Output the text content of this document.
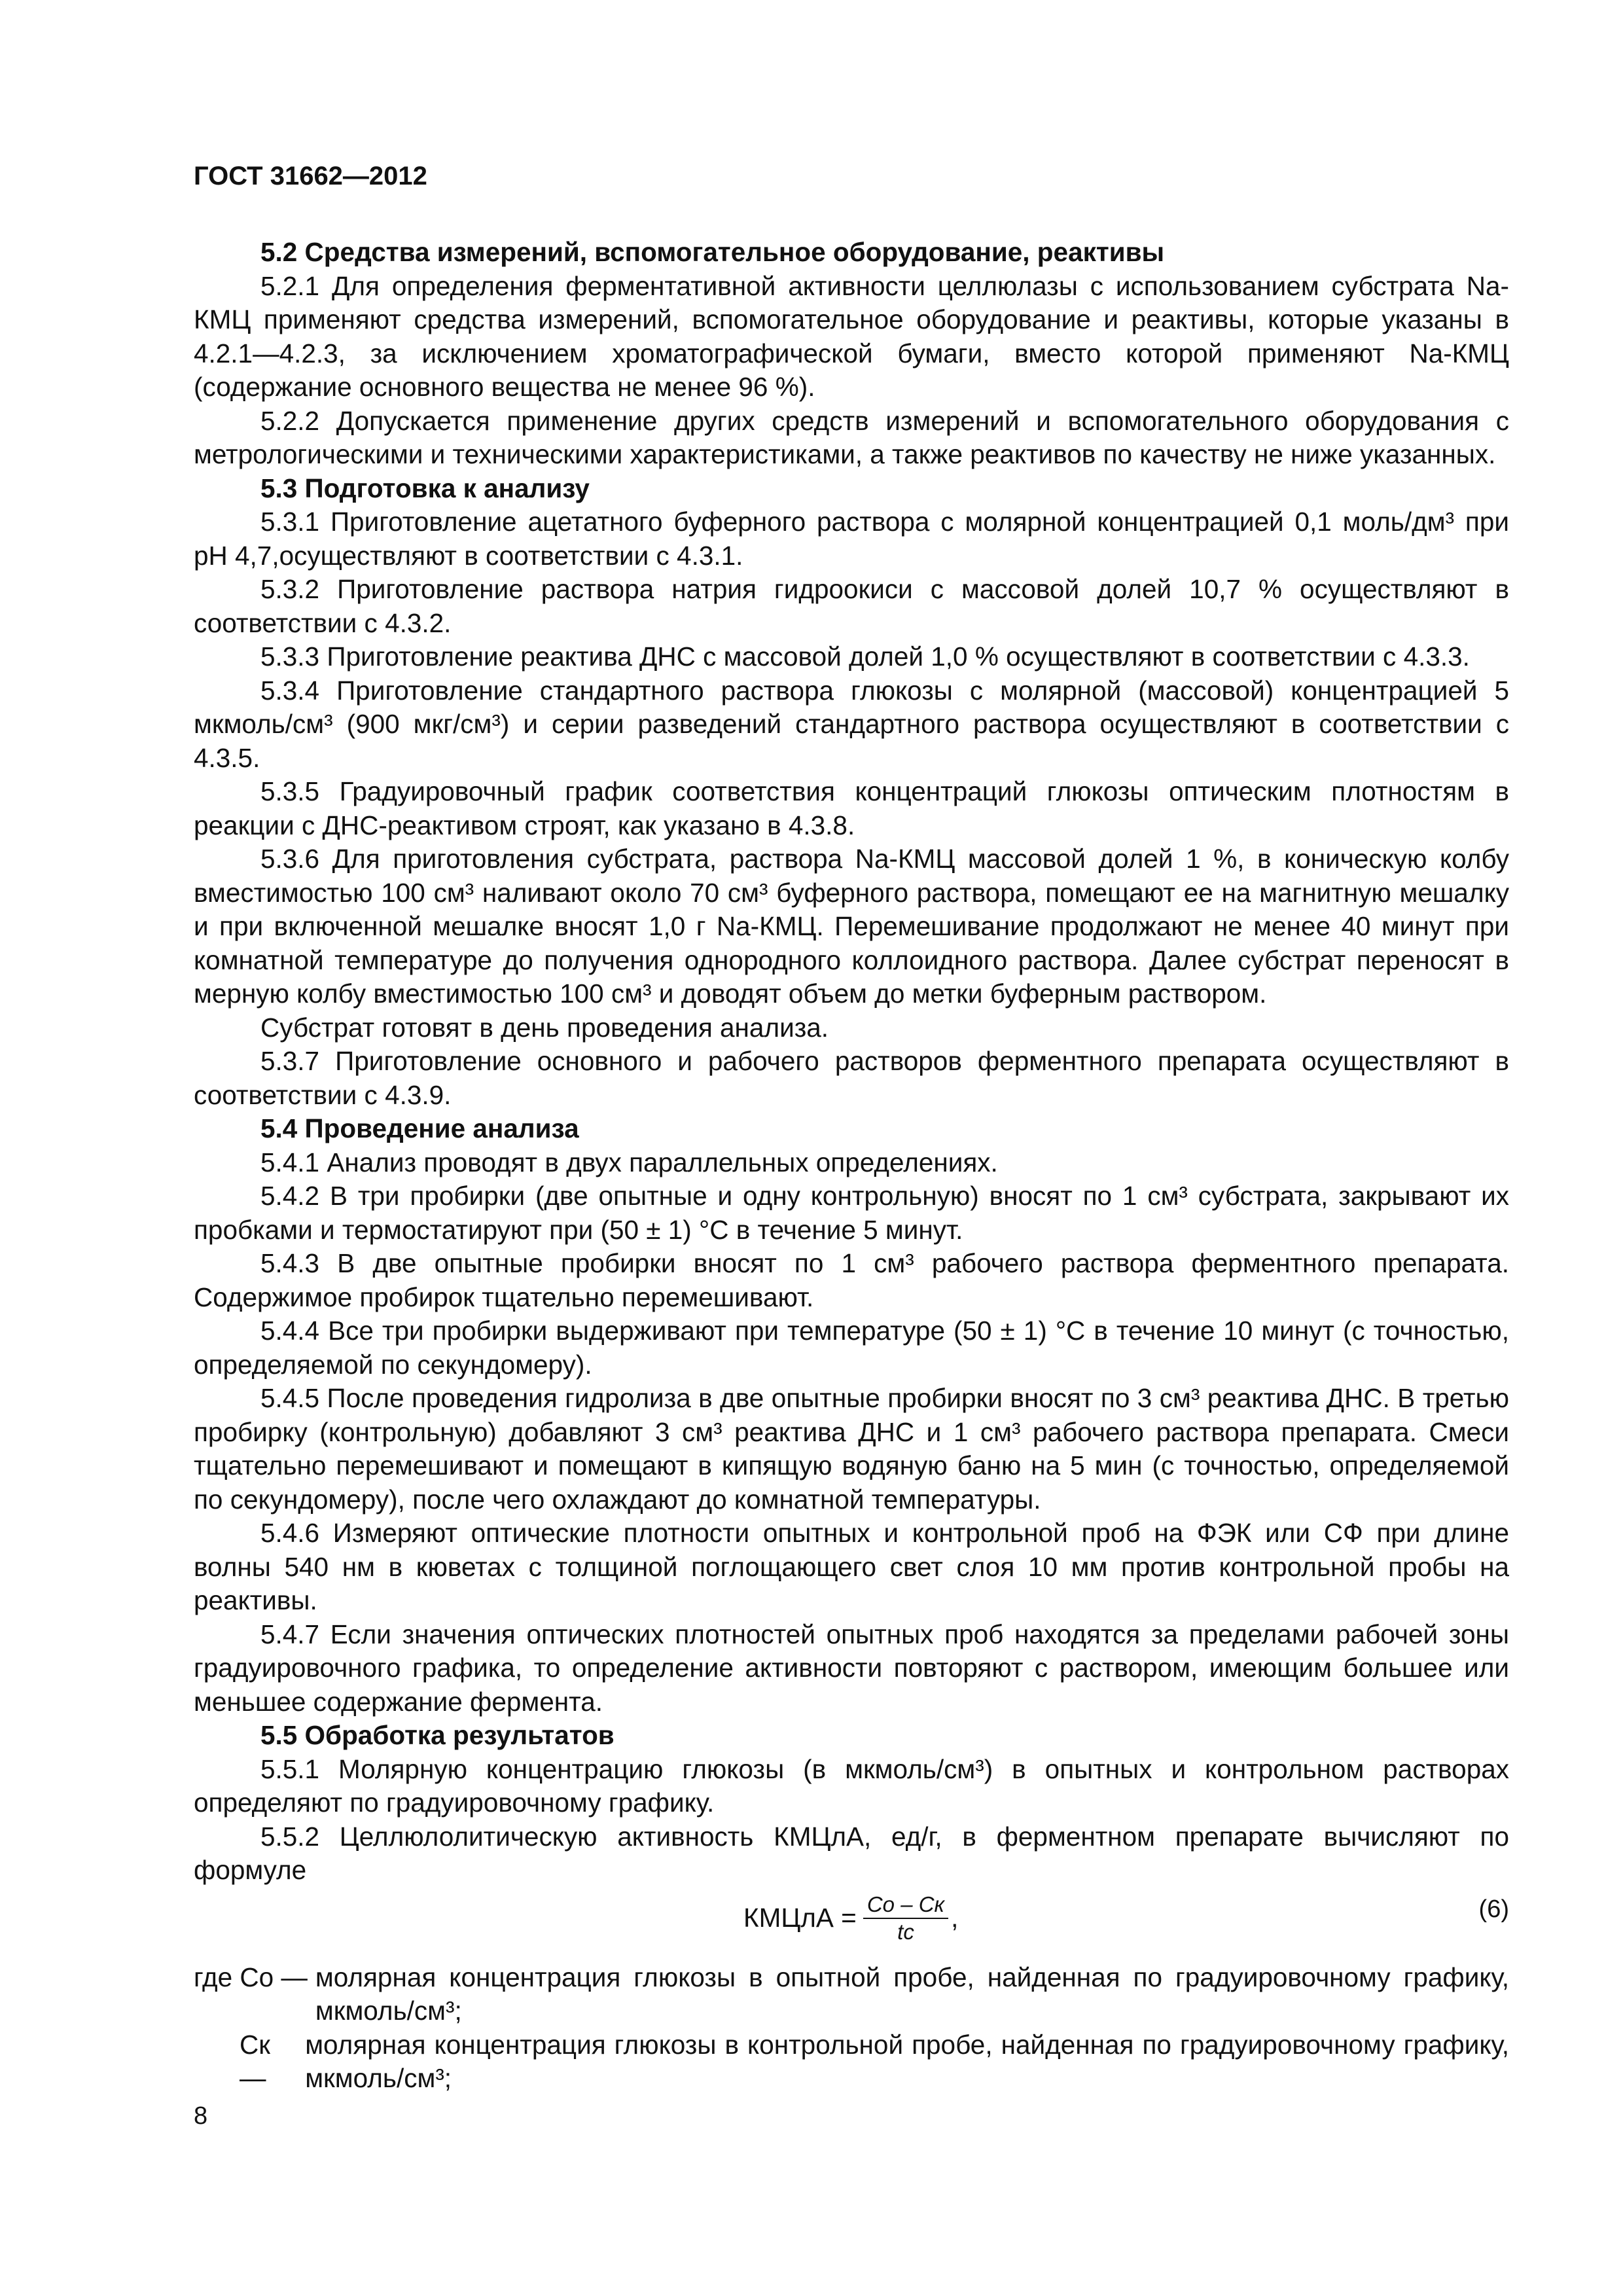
ГОСТ 31662—2012

5.2 Средства измерений, вспомогательное оборудование, реактивы

5.2.1 Для определения ферментативной активности целлюлазы с использованием субстрата Na-КМЦ применяют средства измерений, вспомогательное оборудование и реактивы, которые указаны в 4.2.1—4.2.3, за исключением хроматографической бумаги, вместо которой применяют Na-КМЦ (содержание основного вещества не менее 96 %).

5.2.2 Допускается применение других средств измерений и вспомогательного оборудования с метрологическими и техническими характеристиками, а также реактивов по качеству не ниже указанных.

5.3 Подготовка к анализу

5.3.1 Приготовление ацетатного буферного раствора с молярной концентрацией 0,1 моль/дм³ при pH 4,7,осуществляют в соответствии с 4.3.1.

5.3.2 Приготовление раствора натрия гидроокиси с массовой долей 10,7 % осуществляют в соответствии с 4.3.2.

5.3.3 Приготовление реактива ДНС с массовой долей 1,0 % осуществляют в соответствии с 4.3.3.

5.3.4 Приготовление стандартного раствора глюкозы с молярной (массовой) концентрацией 5 мкмоль/см³ (900 мкг/см³) и серии разведений стандартного раствора осуществляют в соответствии с 4.3.5.

5.3.5 Градуировочный график соответствия концентраций глюкозы оптическим плотностям в реакции с ДНС-реактивом строят, как указано в 4.3.8.

5.3.6 Для приготовления субстрата, раствора Na-КМЦ массовой долей 1 %, в коническую колбу вместимостью 100 см³ наливают около 70 см³ буферного раствора, помещают ее на магнитную мешалку и при включенной мешалке вносят 1,0 г Na-КМЦ. Перемешивание продолжают не менее 40 минут при комнатной температуре до получения однородного коллоидного раствора. Далее субстрат переносят в мерную колбу вместимостью 100 см³ и доводят объем до метки буферным раствором.

Субстрат готовят в день проведения анализа.

5.3.7 Приготовление основного и рабочего растворов ферментного препарата осуществляют в соответствии с 4.3.9.

5.4 Проведение анализа

5.4.1 Анализ проводят в двух параллельных определениях.

5.4.2 В три пробирки (две опытные и одну контрольную) вносят по 1 см³ субстрата, закрывают их пробками и термостатируют при (50 ± 1) °С в течение 5 минут.

5.4.3 В две опытные пробирки вносят по 1 см³ рабочего раствора ферментного препарата. Содержимое пробирок тщательно перемешивают.

5.4.4 Все три пробирки выдерживают при температуре (50 ± 1) °С в течение 10 минут (с точностью, определяемой по секундомеру).

5.4.5 После проведения гидролиза в две опытные пробирки вносят по 3 см³ реактива ДНС. В третью пробирку (контрольную) добавляют 3 см³ реактива ДНС и 1 см³ рабочего раствора препарата. Смеси тщательно перемешивают и помещают в кипящую водяную баню на 5 мин (с точностью, определяемой по секундомеру), после чего охлаждают до комнатной температуры.

5.4.6 Измеряют оптические плотности опытных и контрольной проб на ФЭК или СФ при длине волны 540 нм в кюветах с толщиной поглощающего свет слоя 10 мм против контрольной пробы на реактивы.

5.4.7 Если значения оптических плотностей опытных проб находятся за пределами рабочей зоны градуировочного графика, то определение активности повторяют с раствором, имеющим большее или меньшее содержание фермента.

5.5 Обработка результатов

5.5.1 Молярную концентрацию глюкозы (в мкмоль/см³) в опытных и контрольном растворах определяют по градуировочному графику.

5.5.2 Целлюлолитическую активность КМЦлА, ед/г, в ферментном препарате вычисляют по формуле

КМЦлА = $\frac{Cо - Cк}{tc}$ ,	(6)
где Cо — молярная концентрация глюкозы в опытной пробе, найденная по градуировочному графику, мкмоль/см³;
Cк —
молярная концентрация глюкозы в контрольной пробе, найденная по градуировочному графику, мкмоль/см³;
8
